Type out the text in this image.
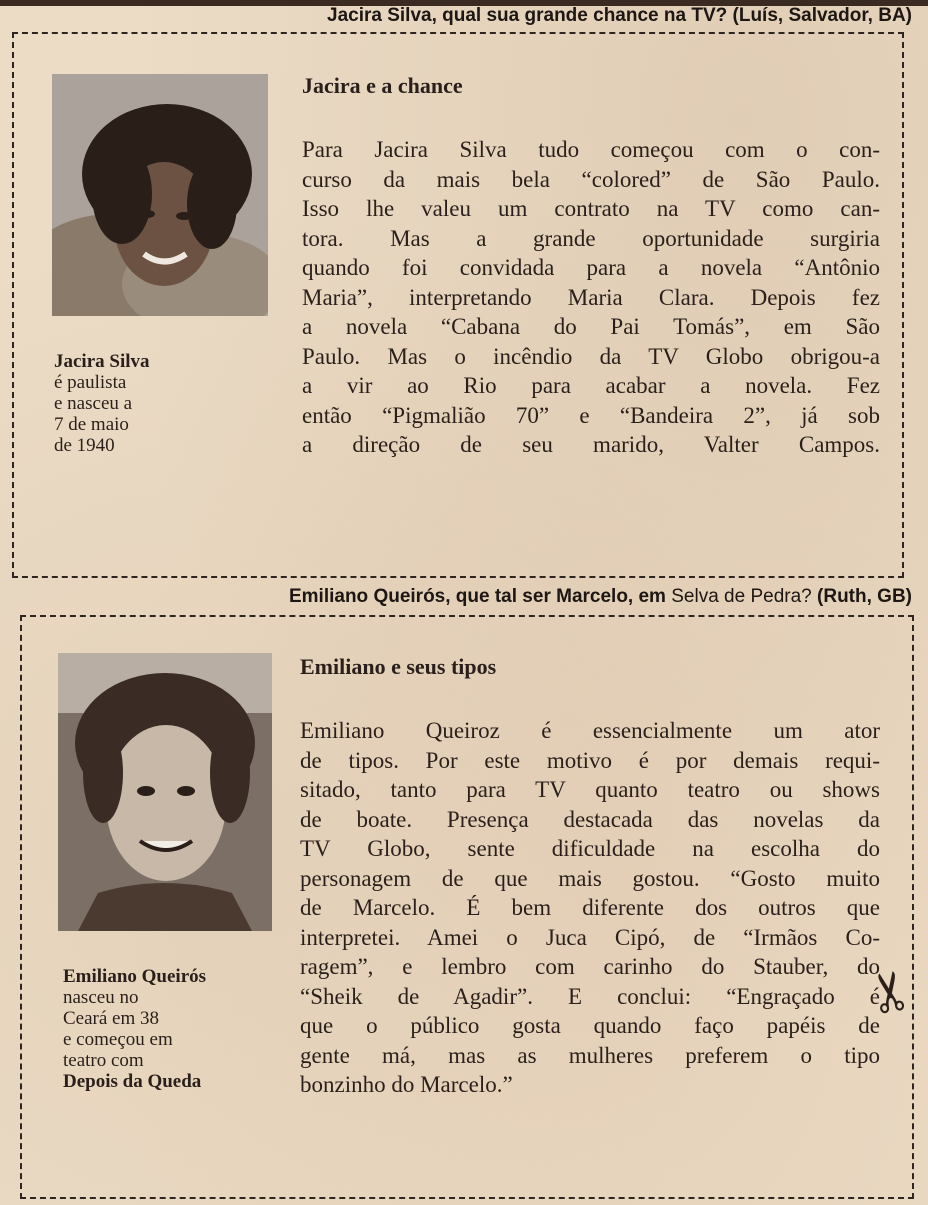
Jacira Silva, qual sua grande chance na TV? (Luís, Salvador, BA)
Jacira Silva
é paulista
e nasceu a
7 de maio
de 1940
Jacira e a chance
Para Jacira Silva tudo começou com o con-
curso da mais bela “colored” de São Paulo.
Isso lhe valeu um contrato na TV como can-
tora. Mas a grande oportunidade surgiria
quando foi convidada para a novela “Antônio
Maria”, interpretando Maria Clara. Depois fez
a novela “Cabana do Pai Tomás”, em São
Paulo. Mas o incêndio da TV Globo obrigou-a
a vir ao Rio para acabar a novela. Fez
então “Pigmalião 70” e “Bandeira 2”, já sob
a direção de seu marido, Valter Campos.
Emiliano Queirós, que tal ser Marcelo, em Selva de Pedra? (Ruth, GB)
Emiliano Queirós
nasceu no
Ceará em 38
e começou em
teatro com
Depois da Queda
Emiliano e seus tipos
Emiliano Queiroz é essencialmente um ator
de tipos. Por este motivo é por demais requi-
sitado, tanto para TV quanto teatro ou shows
de boate. Presença destacada das novelas da
TV Globo, sente dificuldade na escolha do
personagem de que mais gostou. “Gosto muito
de Marcelo. É bem diferente dos outros que
interpretei. Amei o Juca Cipó, de “Irmãos Co-
ragem”, e lembro com carinho do Stauber, do
“Sheik de Agadir”. E conclui: “Engraçado é
que o público gosta quando faço papéis de
gente má, mas as mulheres preferem o tipo
bonzinho do Marcelo.”
✂
